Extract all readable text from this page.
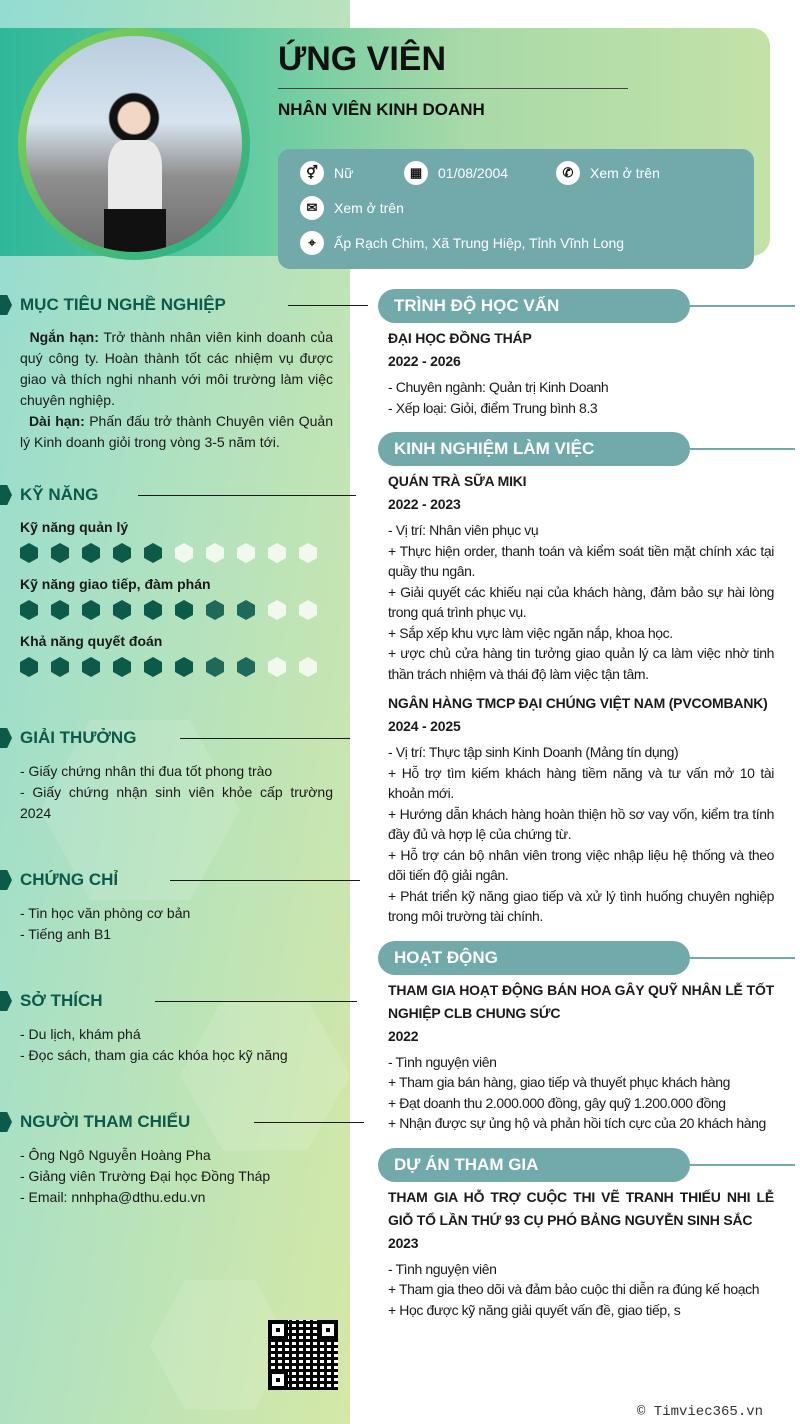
ỨNG VIÊN
NHÂN VIÊN KINH DOANH
⚥	Nữ	▦	01/08/2004	✆	Xem ở trên
✉	Xem ở trên
⌖	Ấp Rạch Chim, Xã Trung Hiệp, Tỉnh Vĩnh Long
MỤC TIÊU NGHỀ NGHIỆP
Ngắn hạn: Trở thành nhân viên kinh doanh của quý công ty. Hoàn thành tốt các nhiệm vụ được giao và thích nghi nhanh với môi trường làm việc chuyên nghiệp.
Dài hạn: Phấn đấu trở thành Chuyên viên Quản lý Kinh doanh giỏi trong vòng 3-5 năm tới.
KỸ NĂNG
Kỹ năng quản lý
Kỹ năng giao tiếp, đàm phán
Khả năng quyết đoán
GIẢI THƯỞNG
- Giấy chứng nhân thi đua tốt phong trào
- Giấy chứng nhận sinh viên khỏe cấp trường 2024
CHỨNG CHỈ
- Tin học văn phòng cơ bản
- Tiếng anh B1
SỞ THÍCH
- Du lịch, khám phá
- Đọc sách, tham gia các khóa học kỹ năng
NGƯỜI THAM CHIẾU
- Ông Ngô Nguyễn Hoàng Pha
- Giảng viên Trường Đại học Đồng Tháp
- Email: nnhpha@dthu.edu.vn
TRÌNH ĐỘ HỌC VẤN
ĐẠI HỌC ĐỒNG THÁP
2022 - 2026
- Chuyên ngành: Quản trị Kinh Doanh
- Xếp loại: Giỏi, điểm Trung bình 8.3
KINH NGHIỆM LÀM VIỆC
QUÁN TRÀ SỮA MIKI
2022 - 2023
- Vị trí: Nhân viên phục vụ
+ Thực hiện order, thanh toán và kiểm soát tiền mặt chính xác tại quầy thu ngân.
+ Giải quyết các khiếu nại của khách hàng, đảm bảo sự hài lòng trong quá trình phục vụ.
+ Sắp xếp khu vực làm việc ngăn nắp, khoa học.
+ ược chủ cửa hàng tin tưởng giao quản lý ca làm việc nhờ tinh thần trách nhiệm và thái độ làm việc tận tâm.
NGÂN HÀNG TMCP ĐẠI CHÚNG VIỆT NAM (PVCOMBANK)
2024 - 2025
- Vị trí: Thực tập sinh Kinh Doanh (Mảng tín dụng)
+ Hỗ trợ tìm kiếm khách hàng tiềm năng và tư vấn mở 10 tài khoản mới.
+ Hướng dẫn khách hàng hoàn thiện hồ sơ vay vốn, kiểm tra tính đầy đủ và hợp lệ của chứng từ.
+ Hỗ trợ cán bộ nhân viên trong việc nhập liệu hệ thống và theo dõi tiến độ giải ngân.
+ Phát triển kỹ năng giao tiếp và xử lý tình huống chuyên nghiệp trong môi trường tài chính.
HOẠT ĐỘNG
THAM GIA HOẠT ĐỘNG BÁN HOA GÂY QUỸ NHÂN LỄ TỐT NGHIỆP CLB CHUNG SỨC
2022
- Tình nguyện viên
+ Tham gia bán hàng, giao tiếp và thuyết phục khách hàng
+ Đạt doanh thu 2.000.000 đồng, gây quỹ 1.200.000 đồng
+ Nhận được sự ủng hộ và phản hồi tích cực của 20 khách hàng
DỰ ÁN THAM GIA
THAM GIA HỖ TRỢ CUỘC THI VẼ TRANH THIẾU NHI LỄ GIỖ TỔ LẦN THỨ 93 CỤ PHÓ BẢNG NGUYỄN SINH SẮC
2023
- Tình nguyện viên
+ Tham gia theo dõi và đảm bảo cuộc thi diễn ra đúng kế hoạch
+ Học được kỹ năng giải quyết vấn đề, giao tiếp, s
© Timviec365.vn
